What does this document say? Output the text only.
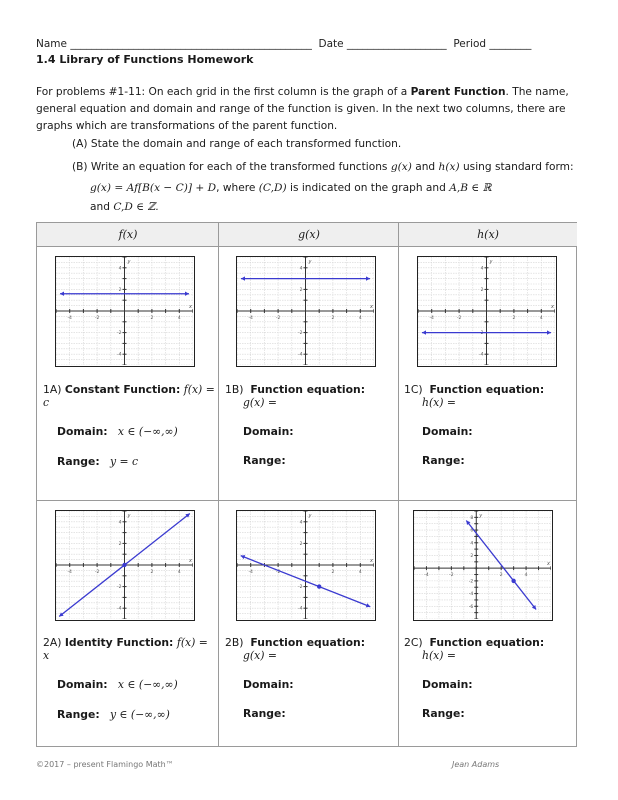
Name ______________________________________________  Date ___________________  Period ________
1.4 Library of Functions Homework
For problems #1-11: On each grid in the first column is the graph of a Parent Function. The name, general equation and domain and range of the function is given. In the next two columns, there are graphs which are transformations of the parent function.
(A) State the domain and range of each transformed function.
(B) Write an equation for each of the transformed functions g(x) and h(x) using standard form:
g(x) = Af[B(x − C)] + D, where (C,D) is indicated on the graph and A,B ∈ ℝ
and C,D ∈ ℤ.
f(x)	g(x)	h(x)
-4	-2	2	4
4
2
-2
-4
x
y
-4	-2	2	4
4
2
-2
-4
x
y
-4	-2	2	4
4
2
-2
-4
x
y
1A) Constant Function: f(x) = c
Domain: x ∈ (−∞,∞)
Range: y = c
1B) Function equation:
g(x) =
Domain:
Range:
1C) Function equation:
h(x) =
Domain:
Range:
-4	-2	2	4
4
2
-2
-4
x
y
-4	-2	2	4
4
2
-2
-4
x
y
-4	-2	2	4
8
6
4
2
-2
-4
-6
x
y
2A) Identity Function: f(x) = x
Domain: x ∈ (−∞,∞)
Range: y ∈ (−∞,∞)
2B) Function equation:
g(x) =
Domain:
Range:
2C) Function equation:
h(x) =
Domain:
Range:
©2017 – present Flamingo Math™	Jean Adams
